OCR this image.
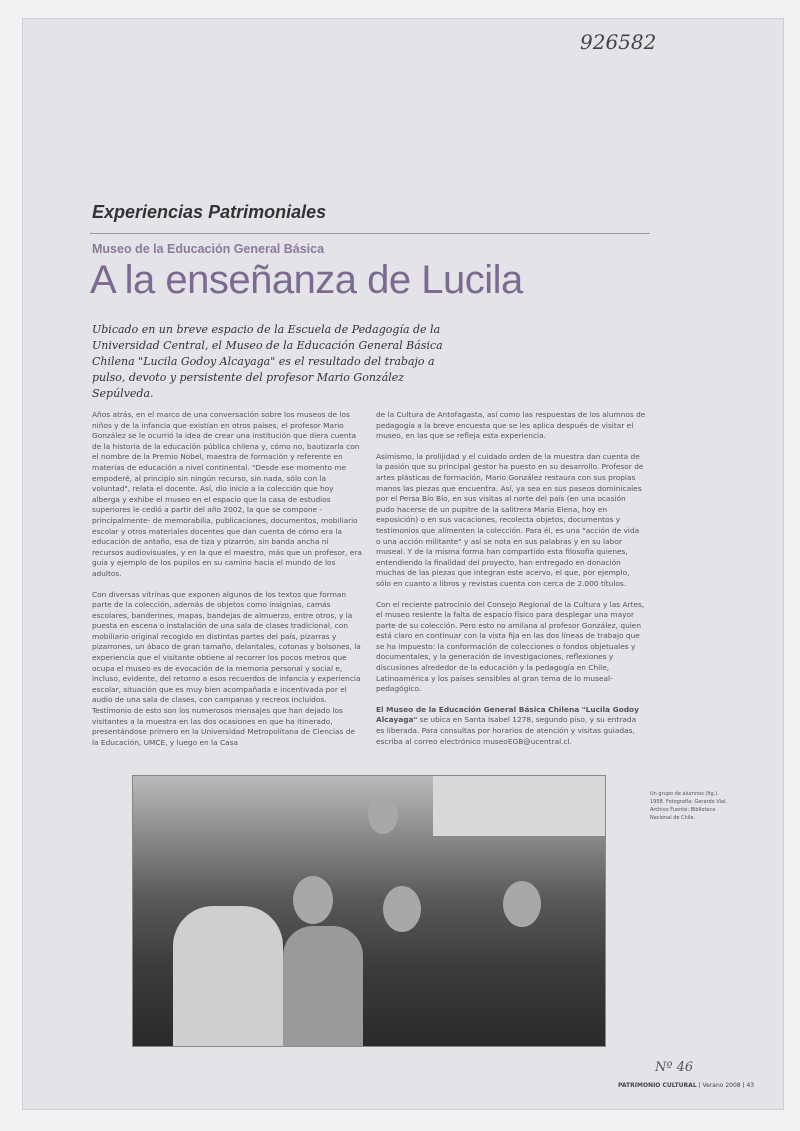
926582
Experiencias Patrimoniales
Museo de la Educación General Básica
A la enseñanza de Lucila
Ubicado en un breve espacio de la Escuela de Pedagogía de la Universidad Central, el Museo de la Educación General Básica Chilena "Lucila Godoy Alcayaga" es el resultado del trabajo a pulso, devoto y persistente del profesor Mario González Sepúlveda.

Años atrás, en el marco de una conversación sobre los museos de los niños y de la infancia que existían en otros países, el profesor Mario González se le ocurrió la idea de crear una institución que diera cuenta de la historia de la educación pública chilena y, cómo no, bautizarla con el nombre de la Premio Nobel, maestra de formación y referente en materias de educación a nivel continental. "Desde ese momento me empoderé, al principio sin ningún recurso, sin nada, sólo con la voluntad", relata el docente. Así, dio inicio a la colección que hoy alberga y exhibe el museo en el espacio que la casa de estudios superiores le cedió a partir del año 2002, la que se compone -principalmente- de memorabilia, publicaciones, documentos, mobiliario escolar y otros materiales docentes que dan cuenta de cómo era la educación de antaño, esa de tiza y pizarrón, sin banda ancha ni recursos audiovisuales, y en la que el maestro, más que un profesor, era guía y ejemplo de los pupilos en su camino hacia el mundo de los adultos.

Con diversas vitrinas que exponen algunos de los textos que forman parte de la colección, además de objetos como insignias, camás escolares, banderines, mapas, bandejas de almuerzo, entre otros, y la puesta en escena o instalación de una sala de clases tradicional, con mobiliario original recogido en distintas partes del país, pizarras y pizarrones, un ábaco de gran tamaño, delantales, cotonas y bolsones, la experiencia que el visitante obtiene al recorrer los pocos metros que ocupa el museo es de evocación de la memoria personal y social e, incluso, evidente, del retorno a esos recuerdos de infancia y experiencia escolar, situación que es muy bien acompañada e incentivada por el audio de una sala de clases, con campanas y recreos incluidos. Testimonio de esto son los numerosos mensajes que han dejado los visitantes a la muestra en las dos ocasiones en que ha itinerado, presentándose primero en la Universidad Metropolitana de Ciencias de la Educación, UMCE, y luego en la Casa

de la Cultura de Antofagasta, así como las respuestas de los alumnos de pedagogía a la breve encuesta que se les aplica después de visitar el museo, en las que se refleja esta experiencia.

Asimismo, la prolijidad y el cuidado orden de la muestra dan cuenta de la pasión que su principal gestor ha puesto en su desarrollo. Profesor de artes plásticas de formación, Mario González restaura con sus propias manos las piezas que encuentra. Así, ya sea en sus paseos dominicales por el Persa Bío Bío, en sus visitas al norte del país (en una ocasión pudo hacerse de un pupitre de la salitrera María Elena, hoy en exposición) o en sus vacaciones, recolecta objetos, documentos y testimonios que alimenten la colección. Para él, es una "acción de vida o una acción militante" y así se nota en sus palabras y en su labor museal. Y de la misma forma han compartido esta filosofía quienes, entendiendo la finalidad del proyecto, han entregado en donación muchas de las piezas que integran este acervo, el que, por ejemplo, sólo en cuanto a libros y revistas cuenta con cerca de 2.000 títulos.

Con el reciente patrocinio del Consejo Regional de la Cultura y las Artes, el museo resiente la falta de espacio físico para desplegar una mayor parte de su colección. Pero esto no amilana al profesor González, quien está claro en continuar con la vista fija en las dos líneas de trabajo que se ha impuesto: la conformación de colecciones o fondos objetuales y documentales, y la generación de investigaciones, reflexiones y discusiones alrededor de la educación y la pedagogía en Chile, Latinoamérica y los países sensibles al gran tema de lo museal-pedagógico.

El Museo de la Educación General Básica Chilena "Lucila Godoy Alcayaga" se ubica en Santa Isabel 1278, segundo piso, y su entrada es liberada. Para consultas por horarios de atención y visitas guiadas, escriba al correo electrónico museoEGB@ucentral.cl.

Un grupo de alumnos (fig.). 1958. Fotografía: Gerardo Vial. Archivo Fuente: Biblioteca Nacional de Chile.
Nº 46
PATRIMONIO CULTURAL | Verano 2008 | 43
